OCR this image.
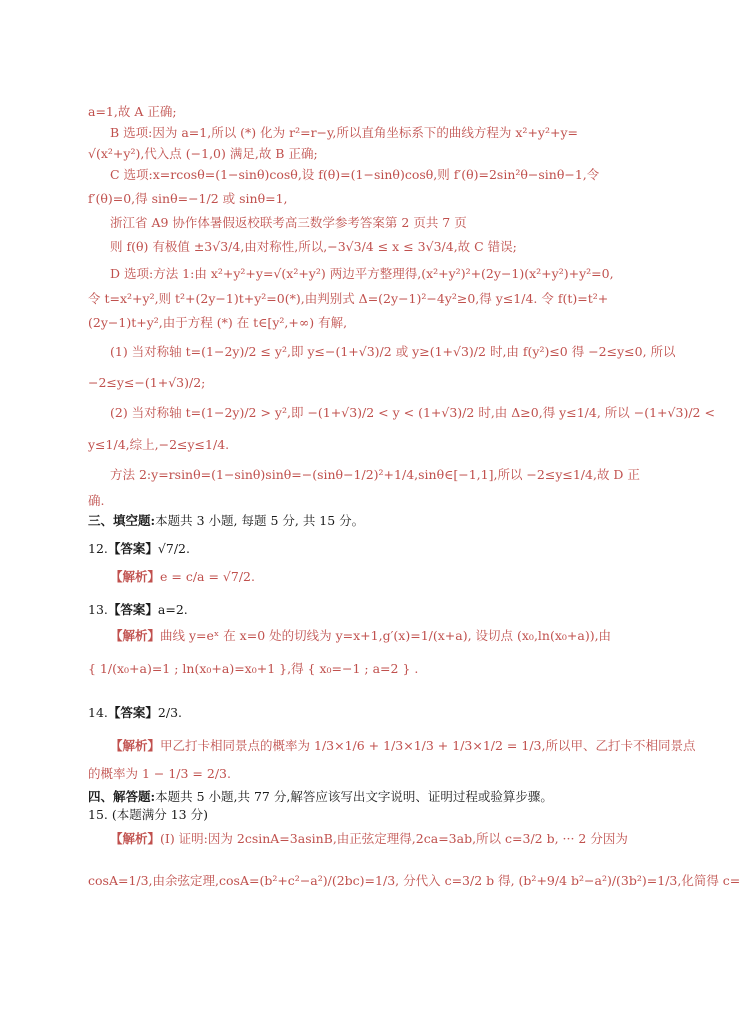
a=1,故 A 正确;
B 选项:因为 a=1,所以 (*) 化为 r²=r−y,所以直角坐标系下的曲线方程为 x²+y²+y=
√(x²+y²),代入点 (−1,0) 满足,故 B 正确;
C 选项:x=rcosθ=(1−sinθ)cosθ,设 f(θ)=(1−sinθ)cosθ,则 f′(θ)=2sin²θ−sinθ−1,令
f′(θ)=0,得 sinθ=−1/2 或 sinθ=1,
浙江省 A9 协作体暑假返校联考高三数学参考答案第 2 页共 7 页
则 f(θ) 有极值 ±3√3/4,由对称性,所以,−3√3/4 ≤ x ≤ 3√3/4,故 C 错误;
D 选项:方法 1:由 x²+y²+y=√(x²+y²) 两边平方整理得,(x²+y²)²+(2y−1)(x²+y²)+y²=0,
令 t=x²+y²,则 t²+(2y−1)t+y²=0(*),由判别式 Δ=(2y−1)²−4y²≥0,得 y≤1/4. 令 f(t)=t²+
(2y−1)t+y²,由于方程 (*) 在 t∈[y²,+∞) 有解,
(1) 当对称轴 t=(1−2y)/2 ≤ y²,即 y≤−(1+√3)/2 或 y≥(1+√3)/2 时,由 f(y²)≤0 得 −2≤y≤0, 所以
−2≤y≤−(1+√3)/2;
(2) 当对称轴 t=(1−2y)/2 > y²,即 −(1+√3)/2 < y < (1+√3)/2 时,由 Δ≥0,得 y≤1/4, 所以 −(1+√3)/2 <
y≤1/4,综上,−2≤y≤1/4.
方法 2:y=rsinθ=(1−sinθ)sinθ=−(sinθ−1/2)²+1/4,sinθ∈[−1,1],所以 −2≤y≤1/4,故 D 正
确.
三、填空题:本题共 3 小题, 每题 5 分, 共 15 分。
12.【答案】√7/2.
【解析】e = c/a = √7/2.
13.【答案】a=2.
【解析】曲线 y=eˣ 在 x=0 处的切线为 y=x+1,g′(x)=1/(x+a), 设切点 (x₀,ln(x₀+a)),由
{ 1/(x₀+a)=1 ; ln(x₀+a)=x₀+1 },得 { x₀=−1 ; a=2 } .
14.【答案】2/3.
【解析】甲乙打卡相同景点的概率为 1/3×1/6 + 1/3×1/3 + 1/3×1/2 = 1/3,所以甲、乙打卡不相同景点
的概率为 1 − 1/3 = 2/3.
四、解答题:本题共 5 小题,共 77 分,解答应该写出文字说明、证明过程或验算步骤。
15. (本题满分 13 分)
【解析】(I) 证明:因为 2csinA=3asinB,由正弦定理得,2ca=3ab,所以 c=3/2 b, ··· 2 分因为
cosA=1/3,由余弦定理,cosA=(b²+c²−a²)/(2bc)=1/3, 分代入 c=3/2 b 得, (b²+9/4 b²−a²)/(3b²)=1/3,化简得 c=
